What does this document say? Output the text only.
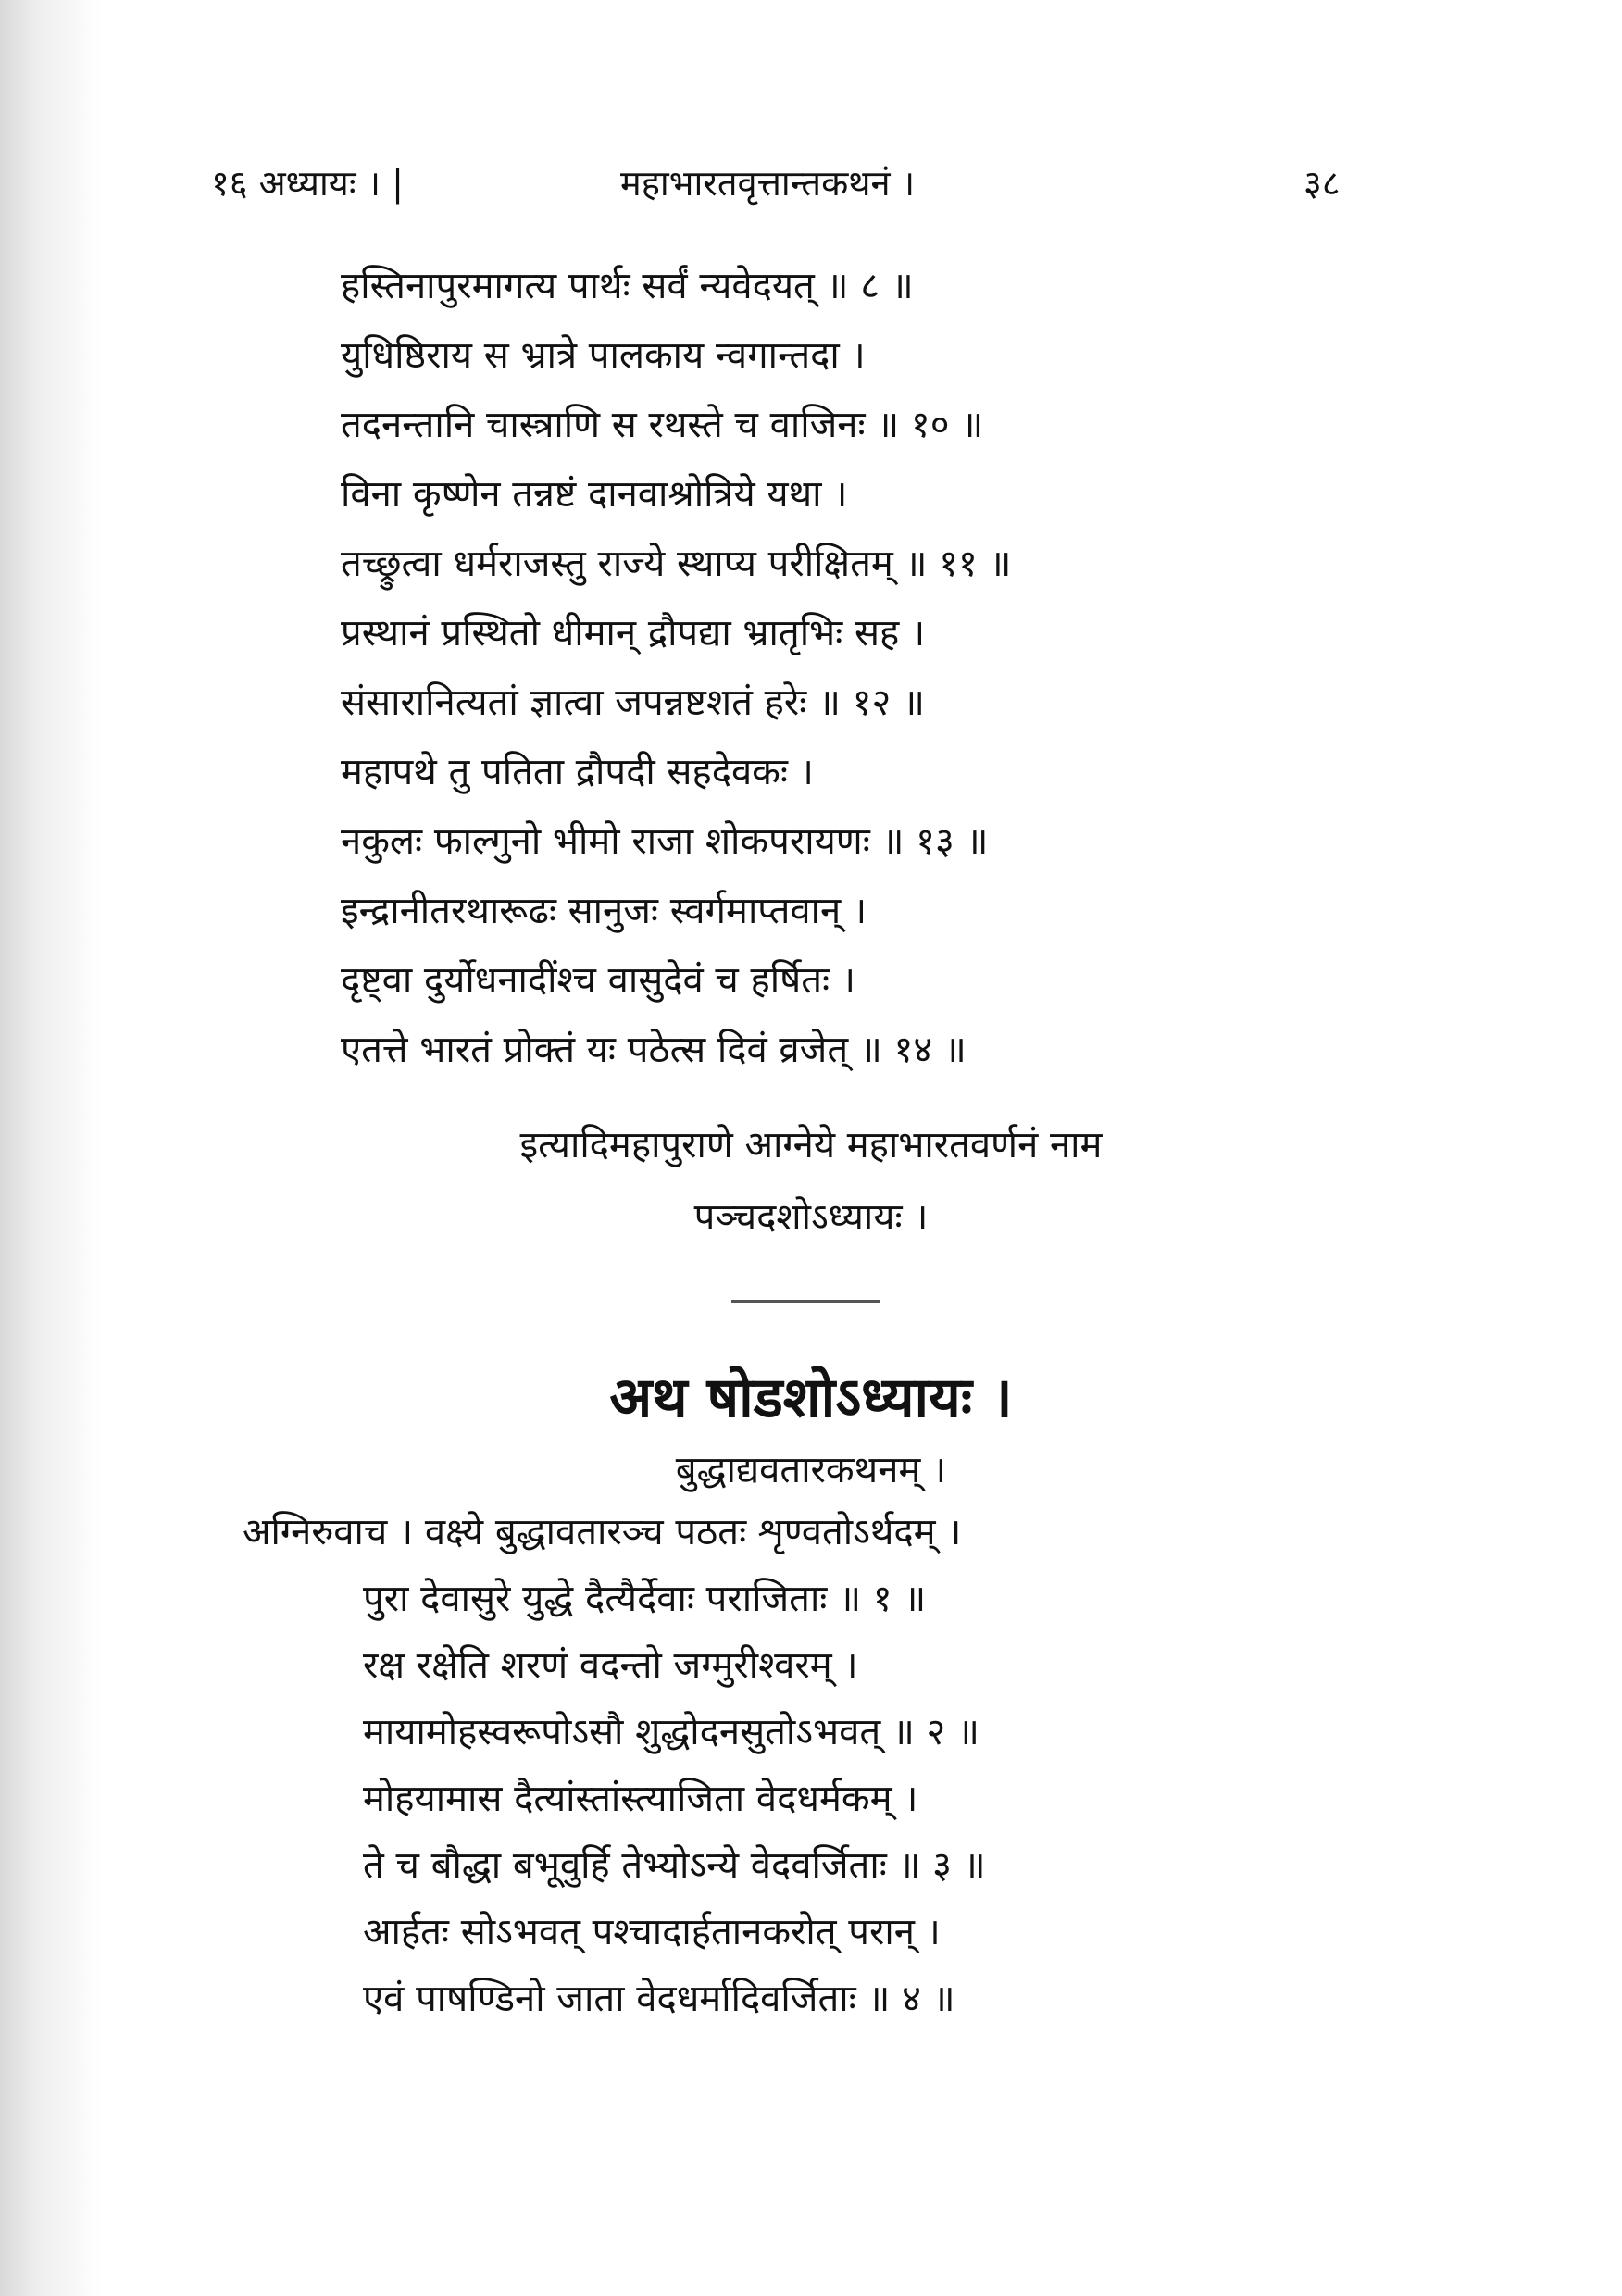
१६ अध्यायः । |	महाभारतवृत्तान्तकथनं ।	३८
हस्तिनापुरमागत्य पार्थः सर्वं न्यवेदयत् ॥ ८ ॥
युधिष्ठिराय स भ्रात्रे पालकाय न्वगान्तदा ।
तदनन्तानि चास्त्राणि स रथस्ते च वाजिनः ॥ १० ॥
विना कृष्णेन तन्नष्टं दानवाश्रोत्रिये यथा ।
तच्छ्रुत्वा धर्मराजस्तु राज्ये स्थाप्य परीक्षितम् ॥ ११ ॥
प्रस्थानं प्रस्थितो धीमान् द्रौपद्या भ्रातृभिः सह ।
संसारानित्यतां ज्ञात्वा जपन्नष्टशतं हरेः ॥ १२ ॥
महापथे तु पतिता द्रौपदी सहदेवकः ।
नकुलः फाल्गुनो भीमो राजा शोकपरायणः ॥ १३ ॥
इन्द्रानीतरथारूढः सानुजः स्वर्गमाप्तवान् ।
दृष्ट्वा दुर्योधनादींश्च वासुदेवं च हर्षितः ।
एतत्ते भारतं प्रोक्तं यः पठेत्स दिवं व्रजेत् ॥ १४ ॥
इत्यादिमहापुराणे आग्नेये महाभारतवर्णनं नाम
पञ्चदशोऽध्यायः ।
अथ षोडशोऽध्यायः ।
बुद्धाद्यवतारकथनम् ।
अग्निरुवाच । वक्ष्ये बुद्धावतारञ्च पठतः शृण्वतोऽर्थदम् ।
पुरा देवासुरे युद्धे दैत्यैर्देवाः पराजिताः ॥ १ ॥
रक्ष रक्षेति शरणं वदन्तो जग्मुरीश्वरम् ।
मायामोहस्वरूपोऽसौ शुद्धोदनसुतोऽभवत् ॥ २ ॥
मोहयामास दैत्यांस्तांस्त्याजिता वेदधर्मकम् ।
ते च बौद्धा बभूवुर्हि तेभ्योऽन्ये वेदवर्जिताः ॥ ३ ॥
आर्हतः सोऽभवत् पश्चादार्हतानकरोत् परान् ।
एवं पाषण्डिनो जाता वेदधर्मादिवर्जिताः ॥ ४ ॥
